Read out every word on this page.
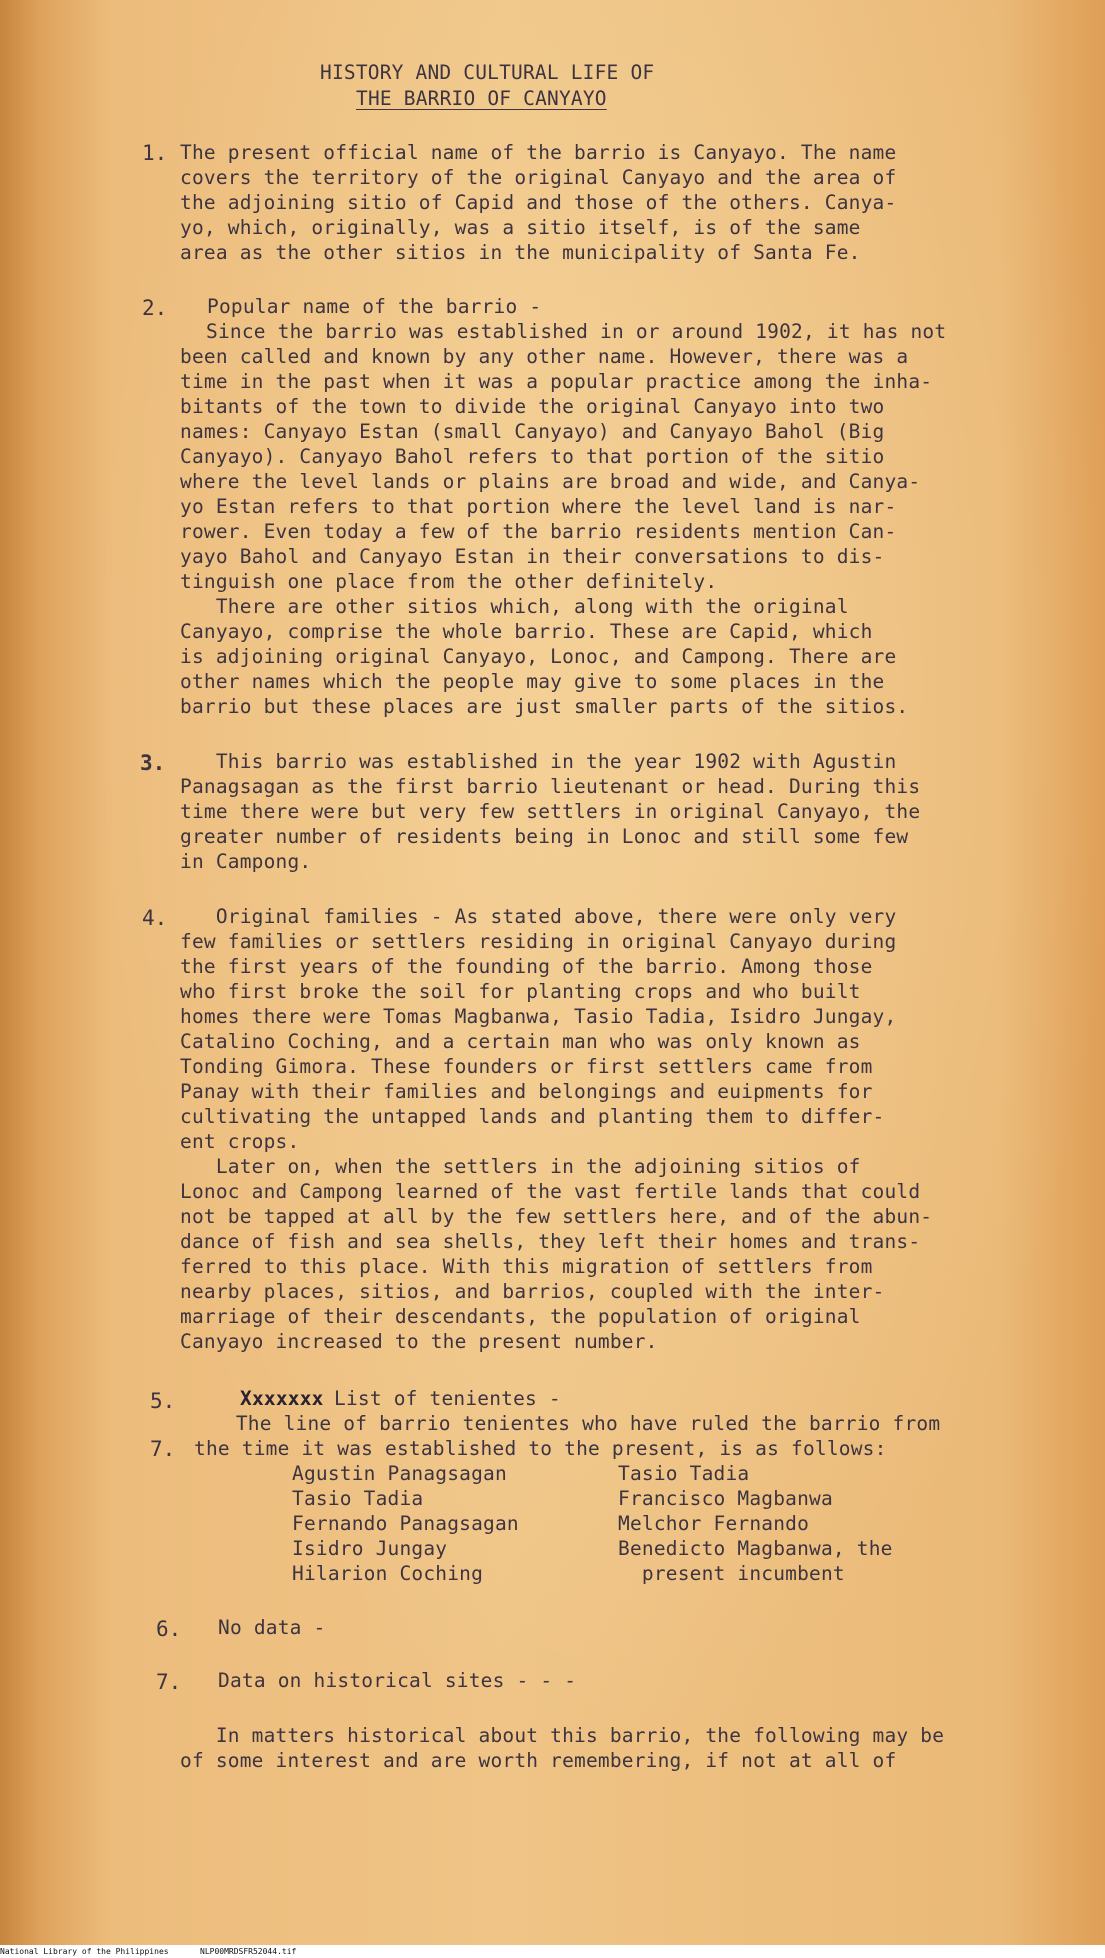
HISTORY AND CULTURAL LIFE OF
THE BARRIO OF CANYAYO
1. The present official name of the barrio is Canyayo. The name
covers the territory of the original Canyayo and the area of
the adjoining sitio of Capid and those of the others. Canya-
yo, which, originally, was a sitio itself, is of the same
area as the other sitios in the municipality of Santa Fe.
2. Popular name of the barrio -
Since the barrio was established in or around 1902, it has not
been called and known by any other name. However, there was a
time in the past when it was a popular practice among the inha-
bitants of the town to divide the original Canyayo into two
names: Canyayo Estan (small Canyayo) and Canyayo Bahol (Big
Canyayo). Canyayo Bahol refers to that portion of the sitio
where the level lands or plains are broad and wide, and Canya-
yo Estan refers to that portion where the level land is nar-
rower. Even today a few of the barrio residents mention Can-
yayo Bahol and Canyayo Estan in their conversations to dis-
tinguish one place from the other definitely.
There are other sitios which, along with the original
Canyayo, comprise the whole barrio. These are Capid, which
is adjoining original Canyayo, Lonoc, and Campong. There are
other names which the people may give to some places in the
barrio but these places are just smaller parts of the sitios.
3. This barrio was established in the year 1902 with Agustin
Panagsagan as the first barrio lieutenant or head. During this
time there were but very few settlers in original Canyayo, the
greater number of residents being in Lonoc and still some few
in Campong.
4. Original families - As stated above, there were only very
few families or settlers residing in original Canyayo during
the first years of the founding of the barrio. Among those
who first broke the soil for planting crops and who built
homes there were Tomas Magbanwa, Tasio Tadia, Isidro Jungay,
Catalino Coching, and a certain man who was only known as
Tonding Gimora. These founders or first settlers came from
Panay with their families and belongings and euipments for
cultivating the untapped lands and planting them to differ-
ent crops.
Later on, when the settlers in the adjoining sitios of
Lonoc and Campong learned of the vast fertile lands that could
not be tapped at all by the few settlers here, and of the abun-
dance of fish and sea shells, they left their homes and trans-
ferred to this place. With this migration of settlers from
nearby places, sitios, and barrios, coupled with the inter-
marriage of their descendants, the population of original
Canyayo increased to the present number.
5.	Xxxxxxx List of tenientes -
The line of barrio tenientes who have ruled the barrio from
7. the time it was established to the present, is as follows:
Agustin Panagsagan
Tasio Tadia
Fernando Panagsagan
Isidro Jungay
Hilarion Coching
Tasio Tadia
Francisco Magbanwa
Melchor Fernando
Benedicto Magbanwa, the
present incumbent
6. No data -
7. Data on historical sites - - -
In matters historical about this barrio, the following may be
of some interest and are worth remembering, if not at all of
National Library of the Philippines	NLP00MRDSFR52044.tif
